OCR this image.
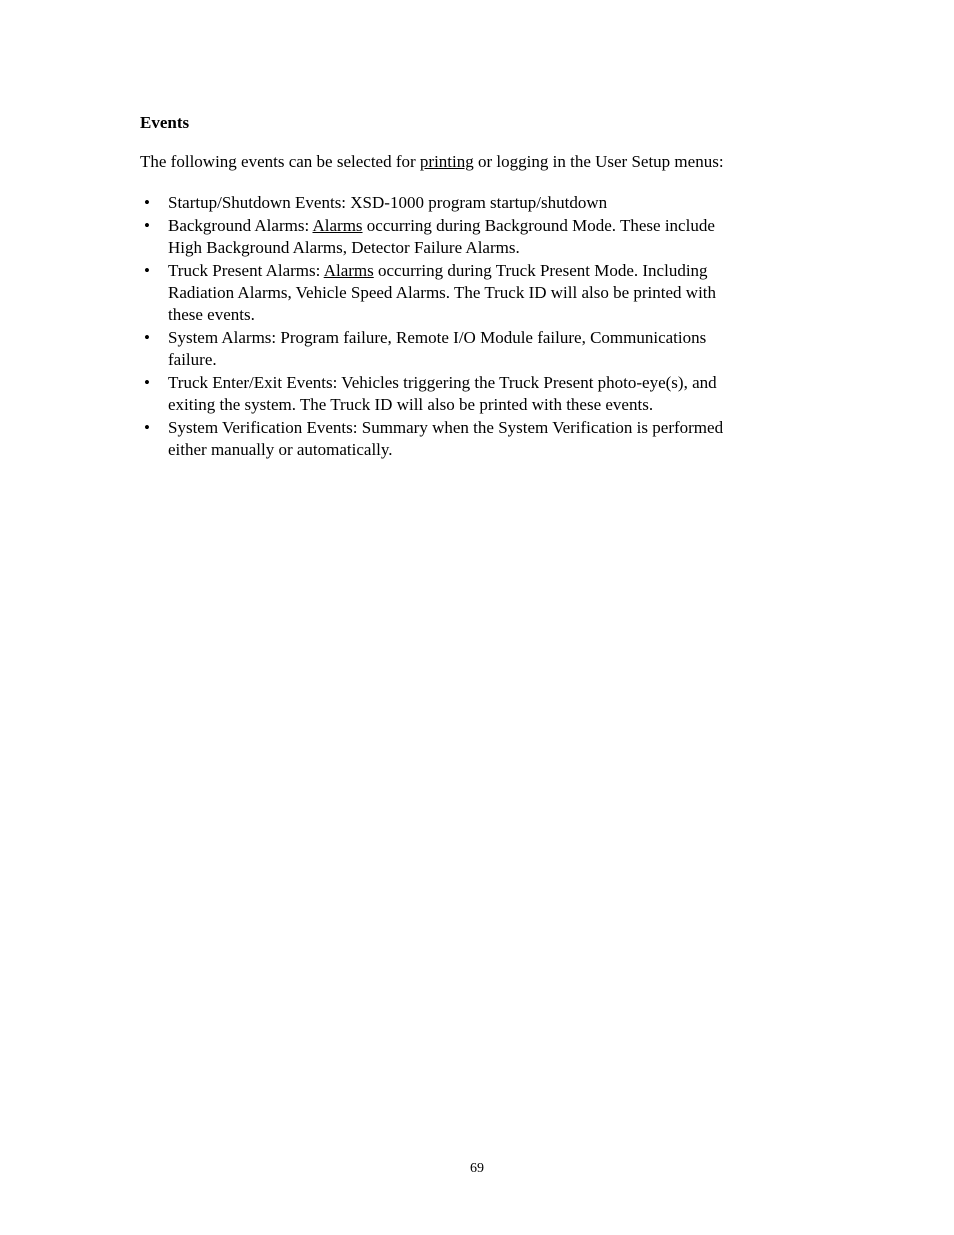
Events
The following events can be selected for printing or logging in the User Setup menus:
• Startup/Shutdown Events: XSD-1000 program startup/shutdown
• Background Alarms: Alarms occurring during Background Mode. These include
High Background Alarms, Detector Failure Alarms.
• Truck Present Alarms: Alarms occurring during Truck Present Mode. Including
Radiation Alarms, Vehicle Speed Alarms. The Truck ID will also be printed with
these events.
• System Alarms: Program failure, Remote I/O Module failure, Communications
failure.
• Truck Enter/Exit Events: Vehicles triggering the Truck Present photo-eye(s), and
exiting the system. The Truck ID will also be printed with these events.
• System Verification Events: Summary when the System Verification is performed
either manually or automatically.
69
